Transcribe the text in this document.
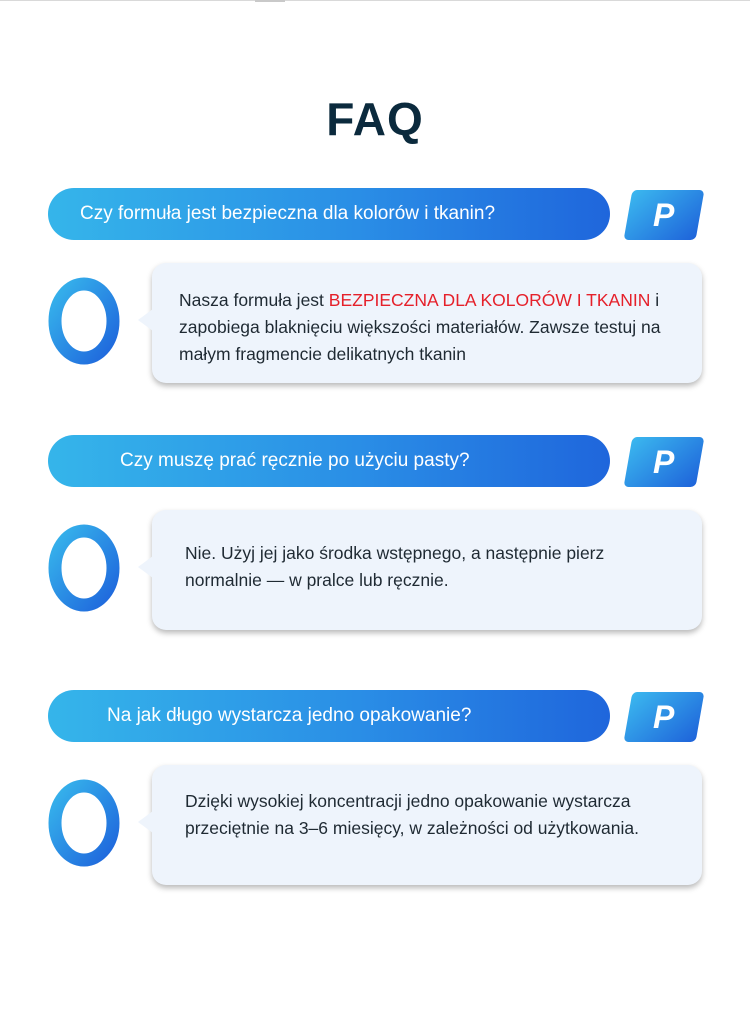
FAQ
Czy formuła jest bezpieczna dla kolorów i tkanin?	P
Nasza formuła jest BEZPIECZNA DLA KOLORÓW I TKANIN i zapobiega blaknięciu większości materiałów. Zawsze testuj na małym fragmencie delikatnych tkanin
Czy muszę prać ręcznie po użyciu pasty?	P
Nie. Użyj jej jako środka wstępnego, a następnie pierz normalnie — w pralce lub ręcznie.
Na jak długo wystarcza jedno opakowanie?	P
Dzięki wysokiej koncentracji jedno opakowanie wystarcza przeciętnie na 3–6 miesięcy, w zależności od użytkowania.
